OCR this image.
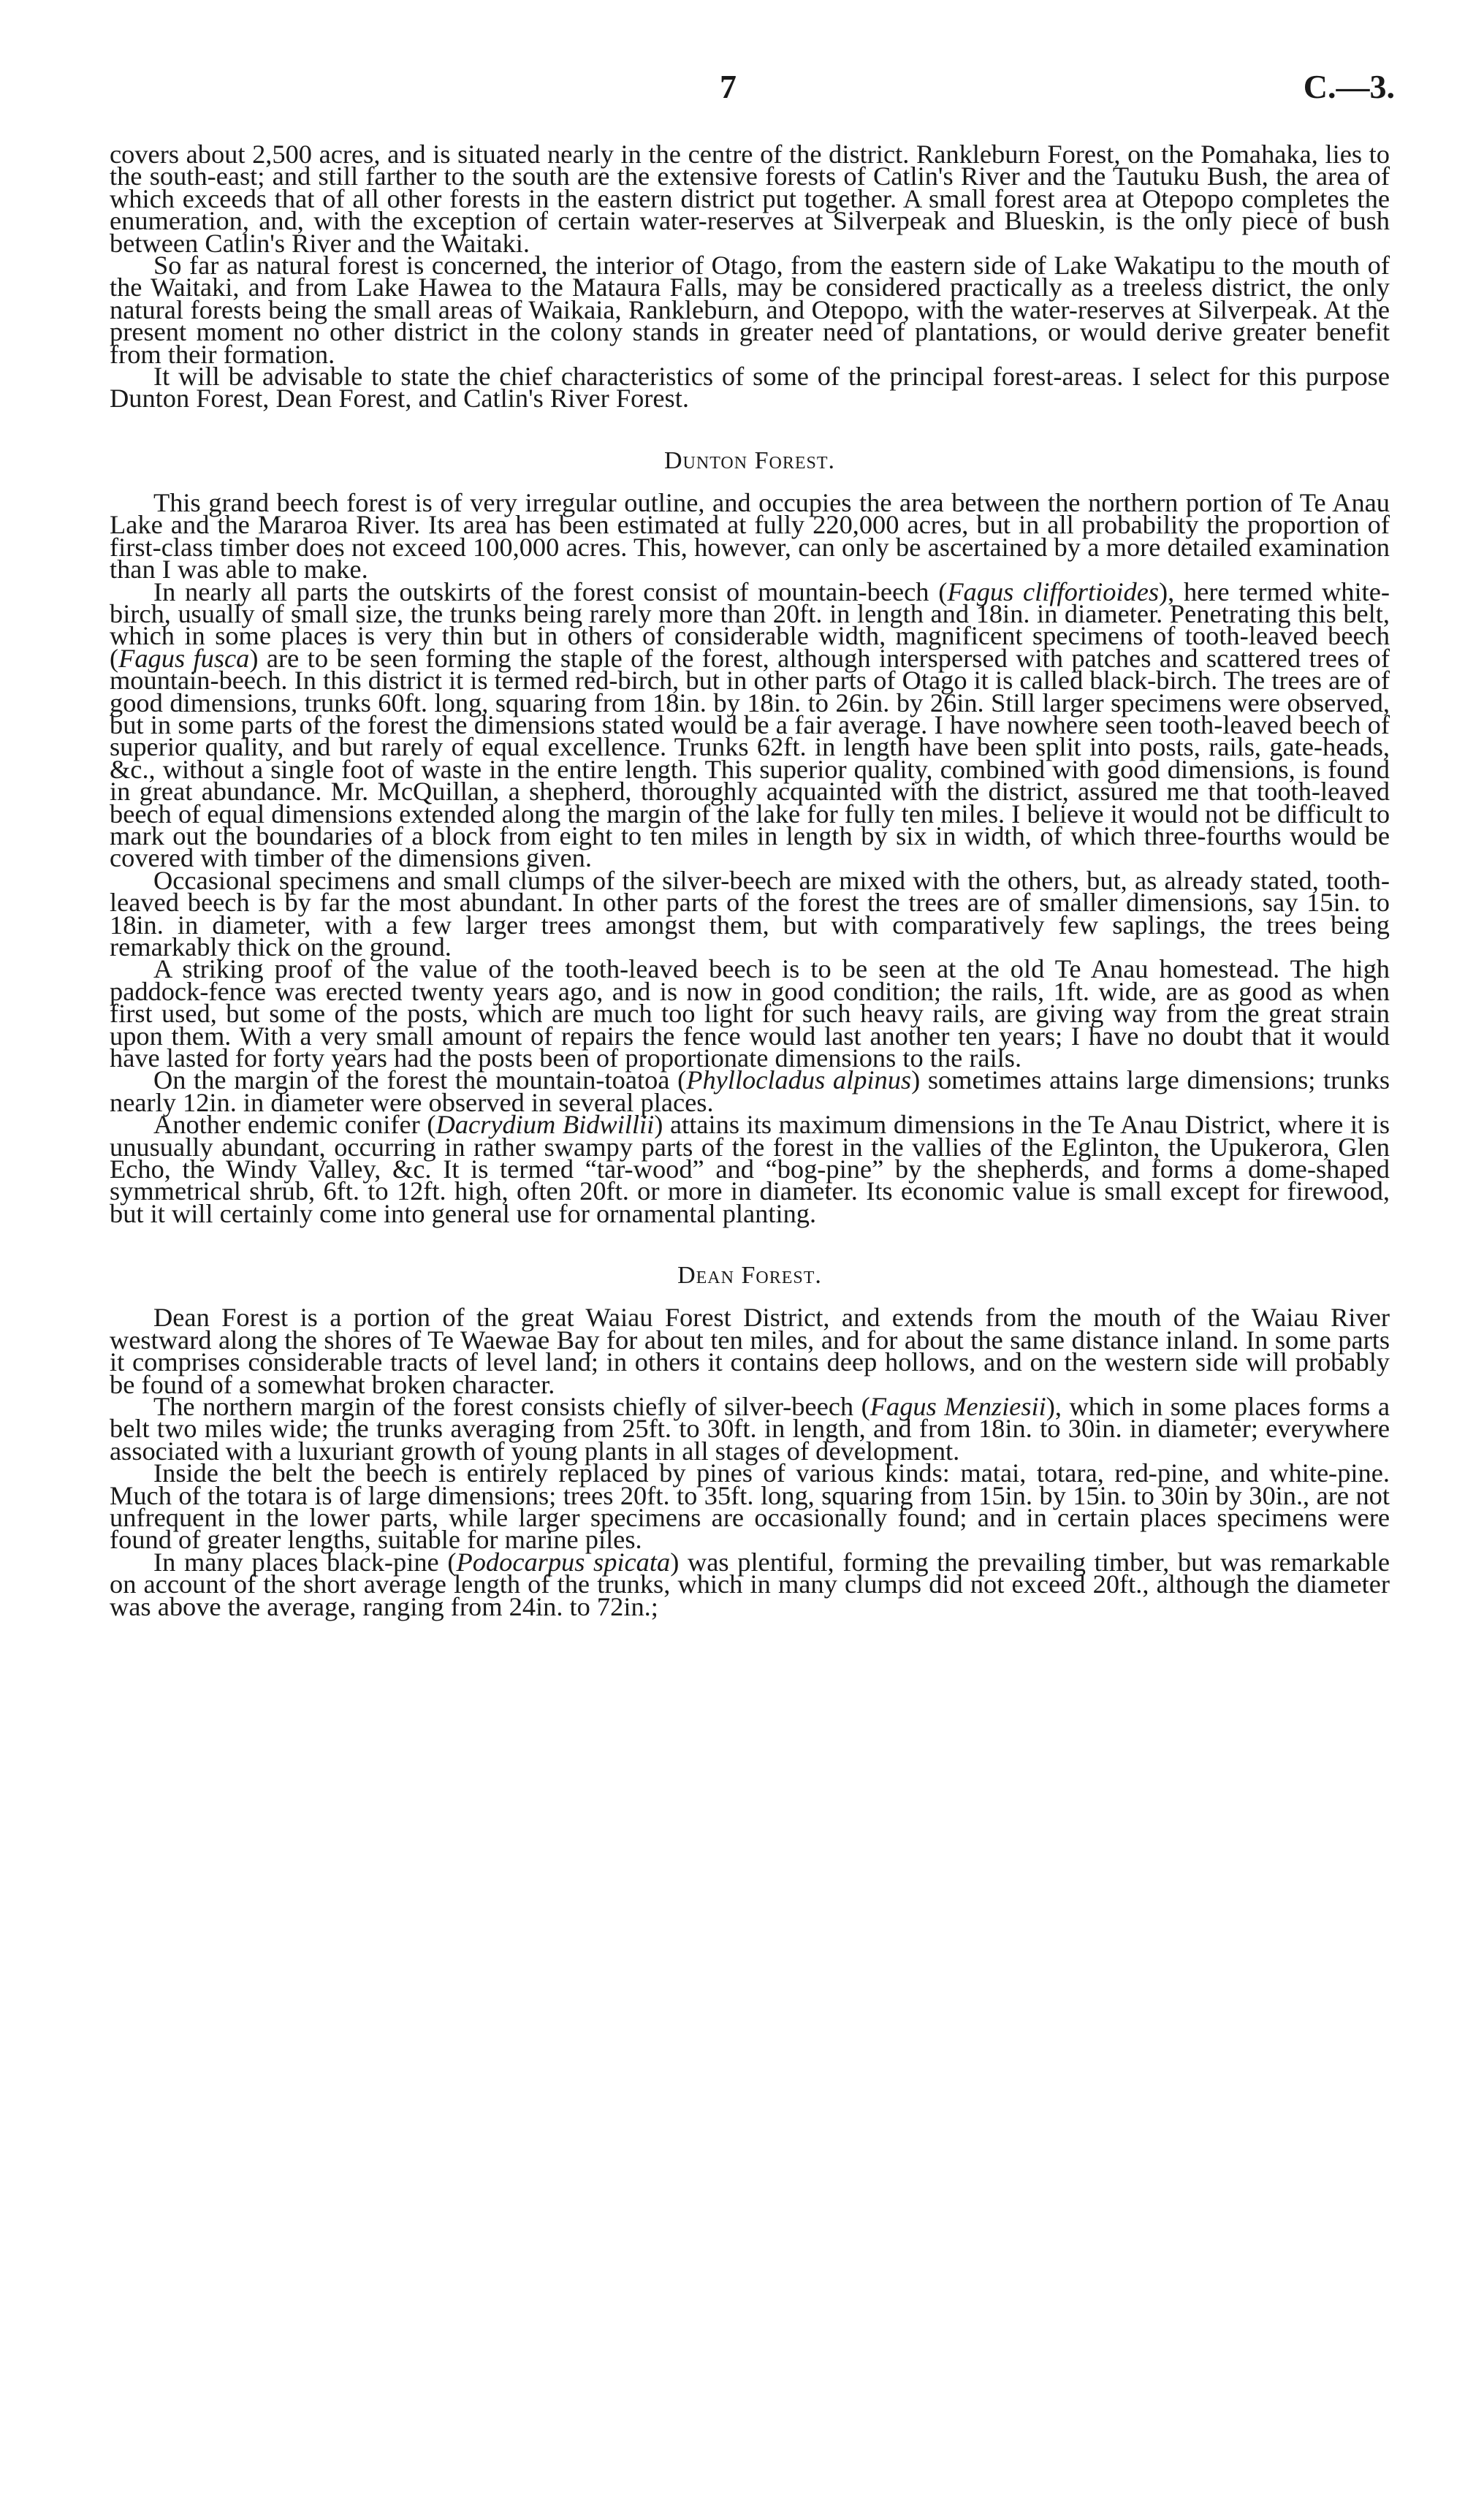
7	C.—3.

covers about 2,500 acres, and is situated nearly in the centre of the district. Rankleburn Forest, on the Pomahaka, lies to the south-east; and still farther to the south are the extensive forests of Catlin's River and the Tautuku Bush, the area of which exceeds that of all other forests in the eastern district put together. A small forest area at Otepopo completes the enumeration, and, with the exception of certain water-reserves at Silverpeak and Blueskin, is the only piece of bush between Catlin's River and the Waitaki.

So far as natural forest is concerned, the interior of Otago, from the eastern side of Lake Wakatipu to the mouth of the Waitaki, and from Lake Hawea to the Mataura Falls, may be considered practically as a treeless district, the only natural forests being the small areas of Waikaia, Rankleburn, and Otepopo, with the water-reserves at Silverpeak. At the present moment no other district in the colony stands in greater need of plantations, or would derive greater benefit from their formation.

It will be advisable to state the chief characteristics of some of the principal forest-areas. I select for this purpose Dunton Forest, Dean Forest, and Catlin's River Forest.

Dunton Forest.

This grand beech forest is of very irregular outline, and occupies the area between the northern portion of Te Anau Lake and the Mararoa River. Its area has been estimated at fully 220,000 acres, but in all probability the proportion of first-class timber does not exceed 100,000 acres. This, however, can only be ascertained by a more detailed examination than I was able to make.

In nearly all parts the outskirts of the forest consist of mountain-beech (Fagus cliffortioides), here termed white-birch, usually of small size, the trunks being rarely more than 20ft. in length and 18in. in diameter. Penetrating this belt, which in some places is very thin but in others of considerable width, magnificent specimens of tooth-leaved beech (Fagus fusca) are to be seen forming the staple of the forest, although interspersed with patches and scattered trees of mountain-beech. In this district it is termed red-birch, but in other parts of Otago it is called black-birch. The trees are of good dimensions, trunks 60ft. long, squaring from 18in. by 18in. to 26in. by 26in. Still larger specimens were observed, but in some parts of the forest the dimensions stated would be a fair average. I have nowhere seen tooth-leaved beech of superior quality, and but rarely of equal excellence. Trunks 62ft. in length have been split into posts, rails, gate-heads, &c., without a single foot of waste in the entire length. This superior quality, combined with good dimensions, is found in great abundance. Mr. McQuillan, a shepherd, thoroughly acquainted with the district, assured me that tooth-leaved beech of equal dimensions extended along the margin of the lake for fully ten miles. I believe it would not be difficult to mark out the boundaries of a block from eight to ten miles in length by six in width, of which three-fourths would be covered with timber of the dimensions given.

Occasional specimens and small clumps of the silver-beech are mixed with the others, but, as already stated, tooth-leaved beech is by far the most abundant. In other parts of the forest the trees are of smaller dimensions, say 15in. to 18in. in diameter, with a few larger trees amongst them, but with comparatively few saplings, the trees being remarkably thick on the ground.

A striking proof of the value of the tooth-leaved beech is to be seen at the old Te Anau homestead. The high paddock-fence was erected twenty years ago, and is now in good condition; the rails, 1ft. wide, are as good as when first used, but some of the posts, which are much too light for such heavy rails, are giving way from the great strain upon them. With a very small amount of repairs the fence would last another ten years; I have no doubt that it would have lasted for forty years had the posts been of proportionate dimensions to the rails.

On the margin of the forest the mountain-toatoa (Phyllocladus alpinus) sometimes attains large dimensions; trunks nearly 12in. in diameter were observed in several places.

Another endemic conifer (Dacrydium Bidwillii) attains its maximum dimensions in the Te Anau District, where it is unusually abundant, occurring in rather swampy parts of the forest in the vallies of the Eglinton, the Upukerora, Glen Echo, the Windy Valley, &c. It is termed “tar-wood” and “bog-pine” by the shepherds, and forms a dome-shaped symmetrical shrub, 6ft. to 12ft. high, often 20ft. or more in diameter. Its economic value is small except for firewood, but it will certainly come into general use for ornamental planting.

Dean Forest.

Dean Forest is a portion of the great Waiau Forest District, and extends from the mouth of the Waiau River westward along the shores of Te Waewae Bay for about ten miles, and for about the same distance inland. In some parts it comprises considerable tracts of level land; in others it contains deep hollows, and on the western side will probably be found of a somewhat broken character.

The northern margin of the forest consists chiefly of silver-beech (Fagus Menziesii), which in some places forms a belt two miles wide; the trunks averaging from 25ft. to 30ft. in length, and from 18in. to 30in. in diameter; everywhere associated with a luxuriant growth of young plants in all stages of development.

Inside the belt the beech is entirely replaced by pines of various kinds: matai, totara, red-pine, and white-pine. Much of the totara is of large dimensions; trees 20ft. to 35ft. long, squaring from 15in. by 15in. to 30in by 30in., are not unfrequent in the lower parts, while larger specimens are occasionally found; and in certain places specimens were found of greater lengths, suitable for marine piles.

In many places black-pine (Podocarpus spicata) was plentiful, forming the prevailing timber, but was remarkable on account of the short average length of the trunks, which in many clumps did not exceed 20ft., although the diameter was above the average, ranging from 24in. to 72in.;
